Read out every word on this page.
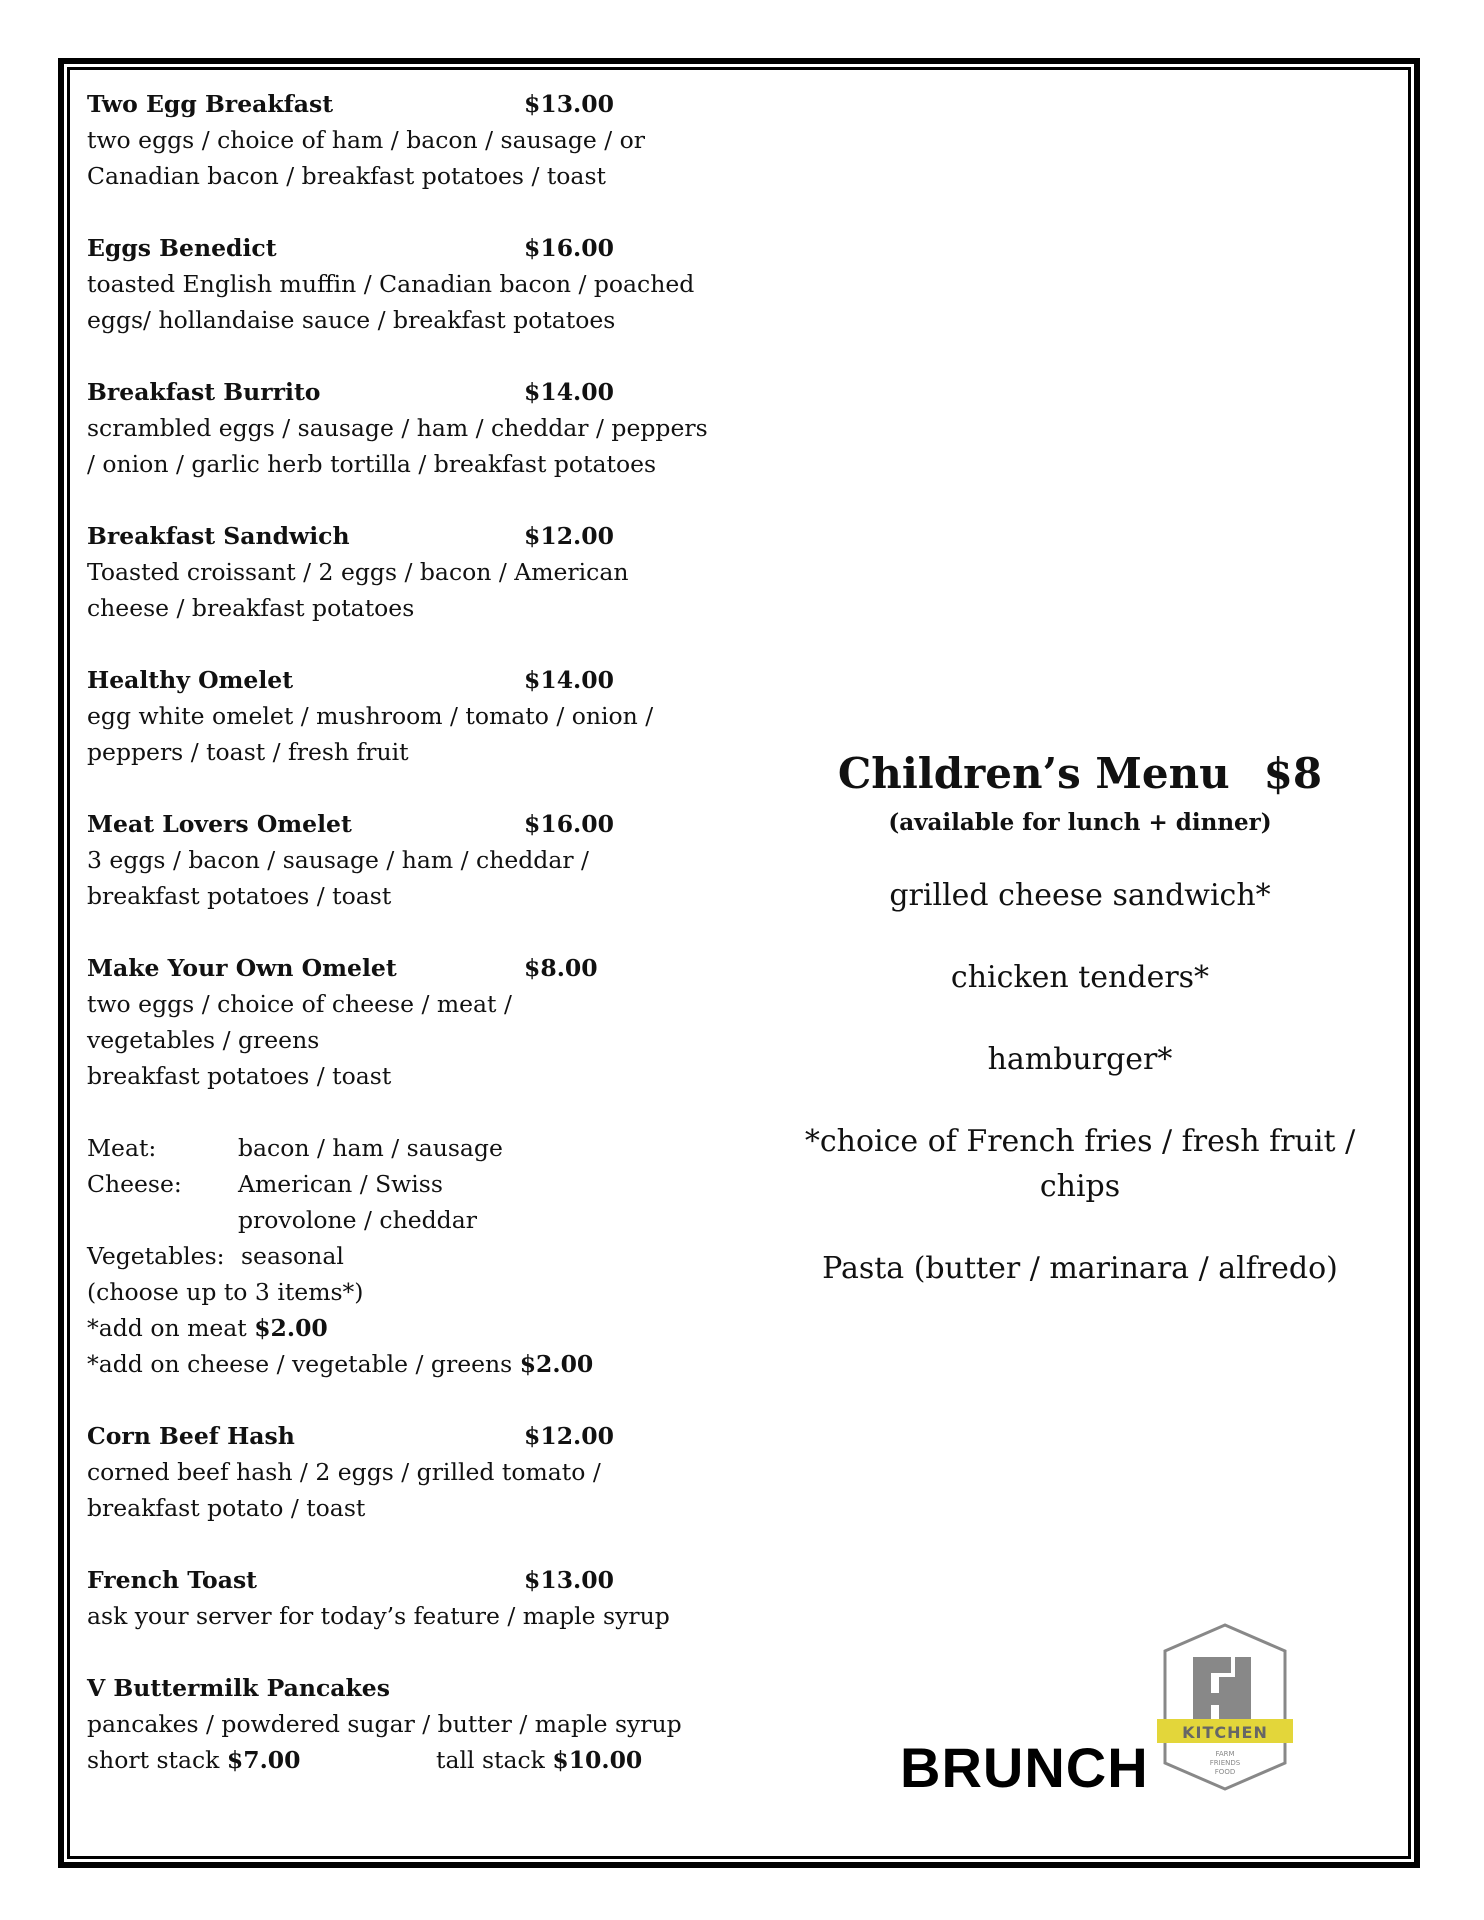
Two Egg Breakfast	$13.00
two eggs / choice of ham / bacon / sausage / or
Canadian bacon / breakfast potatoes / toast
Eggs Benedict	$16.00
toasted English muffin / Canadian bacon / poached
eggs/ hollandaise sauce / breakfast potatoes
Breakfast Burrito	$14.00
scrambled eggs / sausage / ham / cheddar / peppers
/ onion / garlic herb tortilla / breakfast potatoes
Breakfast Sandwich	$12.00
Toasted croissant / 2 eggs / bacon / American
cheese / breakfast potatoes
Healthy Omelet	$14.00
egg white omelet / mushroom / tomato / onion /
peppers / toast / fresh fruit
Meat Lovers Omelet	$16.00
3 eggs / bacon / sausage / ham / cheddar /
breakfast potatoes / toast
Make Your Own Omelet	$8.00
two eggs / choice of cheese / meat /
vegetables / greens
breakfast potatoes / toast
Meat:	bacon / ham / sausage
Cheese: American / Swiss
provolone / cheddar
Vegetables: seasonal
(choose up to 3 items*)
*add on meat $2.00
*add on cheese / vegetable / greens $2.00
Corn Beef Hash	$12.00
corned beef hash / 2 eggs / grilled tomato /
breakfast potato / toast
French Toast	$13.00
ask your server for today’s feature / maple syrup
V Buttermilk Pancakes
pancakes / powdered sugar / butter / maple syrup
short stack $7.00	tall stack $10.00
Children’s Menu $8
(available for lunch + dinner)
grilled cheese sandwich*
chicken tenders*
hamburger*
*choice of French fries / fresh fruit / chips
Pasta (butter / marinara / alfredo)
BRUNCH
KITCHEN
FARM
FRIENDS
FOOD
